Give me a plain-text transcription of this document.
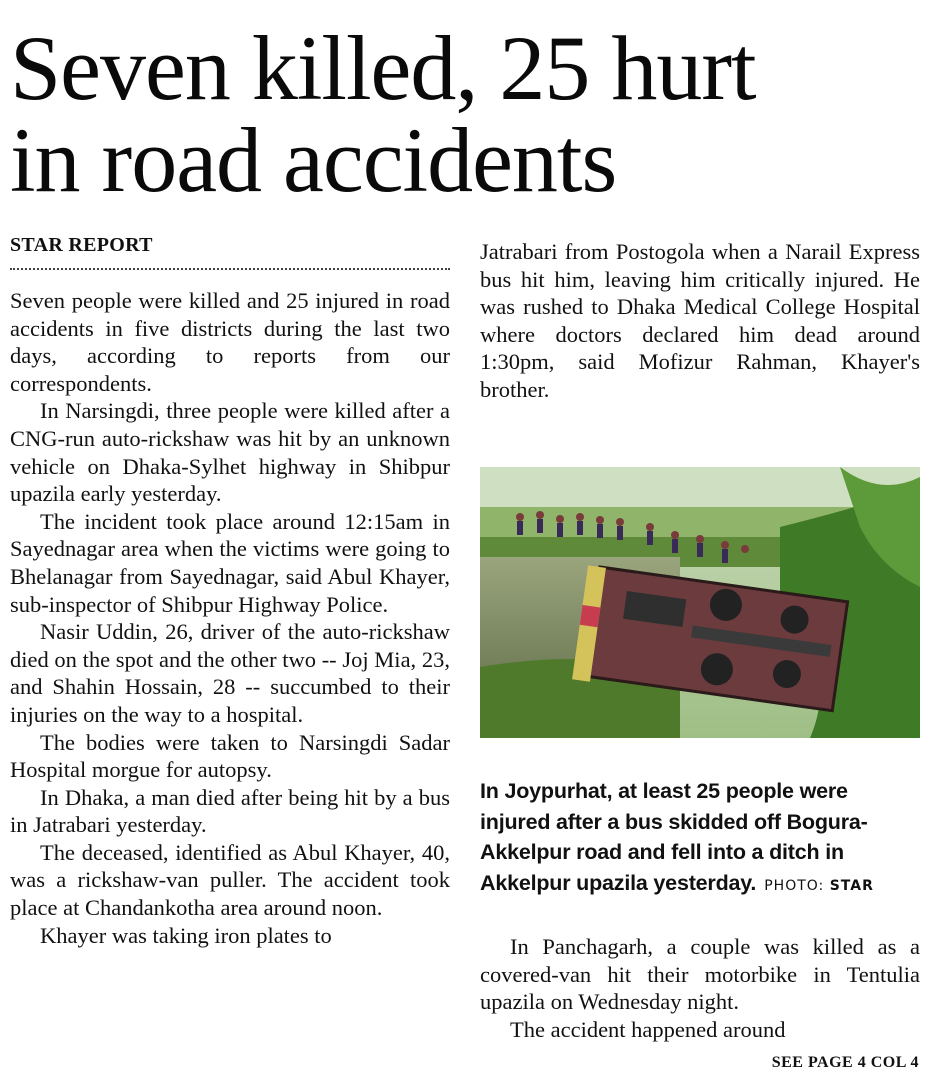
Seven killed, 25 hurt
in road accidents
STAR REPORT

Seven people were killed and 25 injured in road accidents in five districts during the last two days, according to reports from our correspondents.

In Narsingdi, three people were killed after a CNG-run auto-rickshaw was hit by an unknown vehicle on Dhaka-Sylhet highway in Shibpur upazila early yesterday.

The incident took place around 12:15am in Sayednagar area when the victims were going to Bhelanagar from Sayednagar, said Abul Khayer, sub-inspector of Shibpur Highway Police.

Nasir Uddin, 26, driver of the auto-rickshaw died on the spot and the other two -- Joj Mia, 23, and Shahin Hossain, 28 -- succumbed to their injuries on the way to a hospital.

The bodies were taken to Narsingdi Sadar Hospital morgue for autopsy.

In Dhaka, a man died after being hit by a bus in Jatrabari yesterday.

The deceased, identified as Abul Khayer, 40, was a rickshaw-van puller. The accident took place at Chandankotha area around noon.

Khayer was taking iron plates to

Jatrabari from Postogola when a Narail Express bus hit him, leaving him critically injured. He was rushed to Dhaka Medical College Hospital where doctors declared him dead around 1:30pm, said Mofizur Rahman, Khayer's brother.

In Joypurhat, at least 25 people were injured after a bus skidded off Bogura-Akkelpur road and fell into a ditch in Akkelpur upazila yesterday. PHOTO: STAR

In Panchagarh, a couple was killed as a covered-van hit their motorbike in Tentulia upazila on Wednesday night.

The accident happened around

SEE PAGE 4 COL 4
